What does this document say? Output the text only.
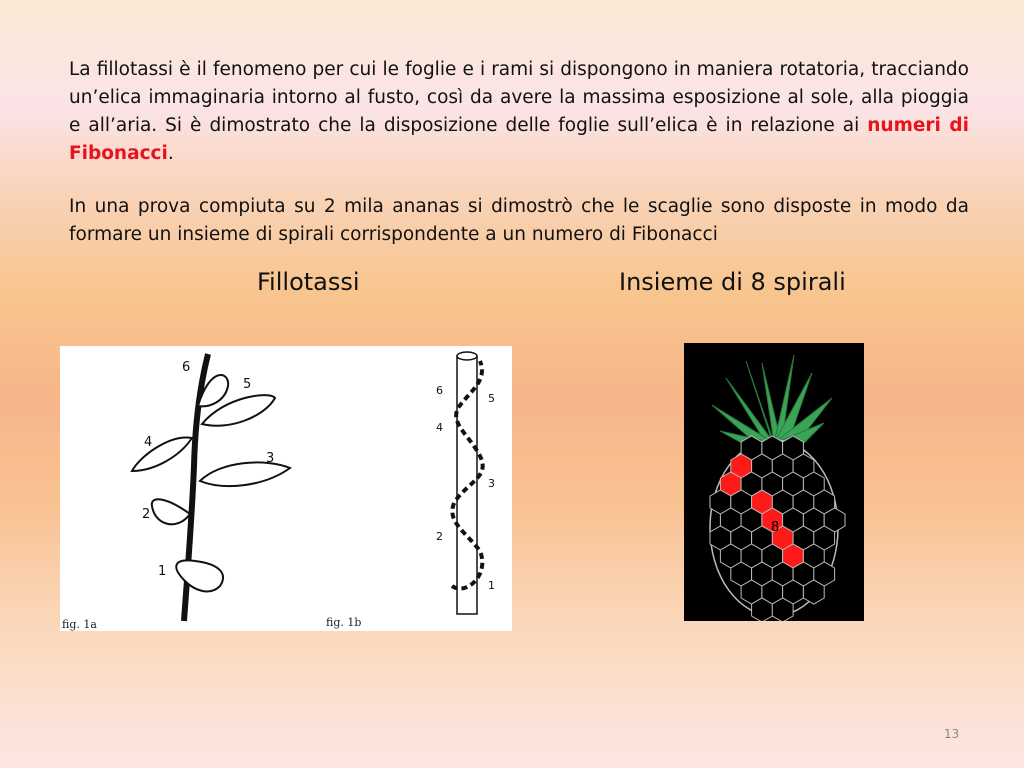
La fillotassi è il fenomeno per cui le foglie e i rami si dispongono in maniera rotatoria, tracciando un’elica immaginaria intorno al fusto, così da avere la massima esposizione al sole, alla pioggia e all’aria. Si è dimostrato che la disposizione delle foglie sull’elica è in relazione ai numeri di Fibonacci.

In una prova compiuta su 2 mila ananas si dimostrò che le scaglie sono disposte in modo da formare un insieme di spirali corrispondente a un numero di Fibonacci

Fillotassi	Insieme di 8 spirali
6
5
4
3
2
1
6
5
4
3
2
1
fig. 1a	fig. 1b
8
13
